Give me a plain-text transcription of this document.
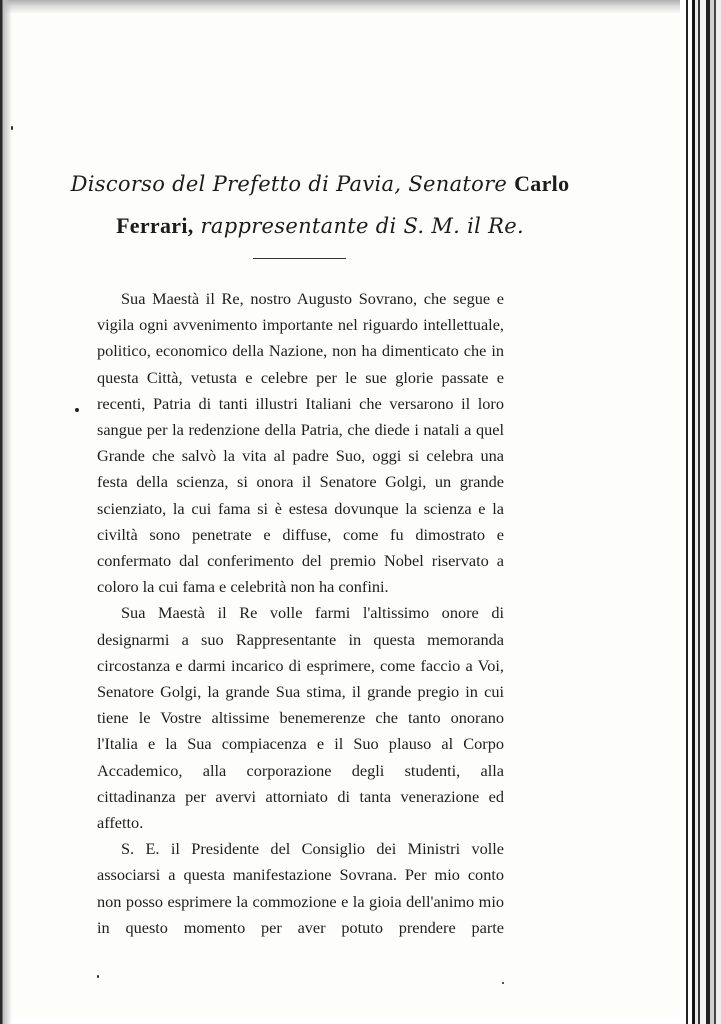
Discorso del Prefetto di Pavia, Senatore Carlo
Ferrari, rappresentante di S. M. il Re.

Sua Maestà il Re, nostro Augusto Sovrano, che segue e vigila ogni avvenimento importante nel riguardo intellettuale, politico, economico della Nazione, non ha dimenticato che in questa Città, vetusta e celebre per le sue glorie passate e recenti, Patria di tanti illustri Italiani che versarono il loro sangue per la redenzione della Patria, che diede i natali a quel Grande che salvò la vita al padre Suo, oggi si celebra una festa della scienza, si onora il Senatore Golgi, un grande scienziato, la cui fama si è estesa dovunque la scienza e la civiltà sono penetrate e diffuse, come fu dimostrato e confermato dal conferimento del premio Nobel riservato a coloro la cui fama e celebrità non ha confini.

Sua Maestà il Re volle farmi l'altissimo onore di designarmi a suo Rappresentante in questa memoranda circostanza e darmi incarico di esprimere, come faccio a Voi, Senatore Golgi, la grande Sua stima, il grande pregio in cui tiene le Vostre altissime benemerenze che tanto onorano l'Italia e la Sua compiacenza e il Suo plauso al Corpo Accademico, alla corporazione degli studenti, alla cittadinanza per avervi attorniato di tanta venerazione ed affetto.

S. E. il Presidente del Consiglio dei Ministri volle associarsi a questa manifestazione Sovrana. Per mio conto non posso esprimere la commozione e la gioia dell'animo mio in questo momento per aver potuto prendere parte
